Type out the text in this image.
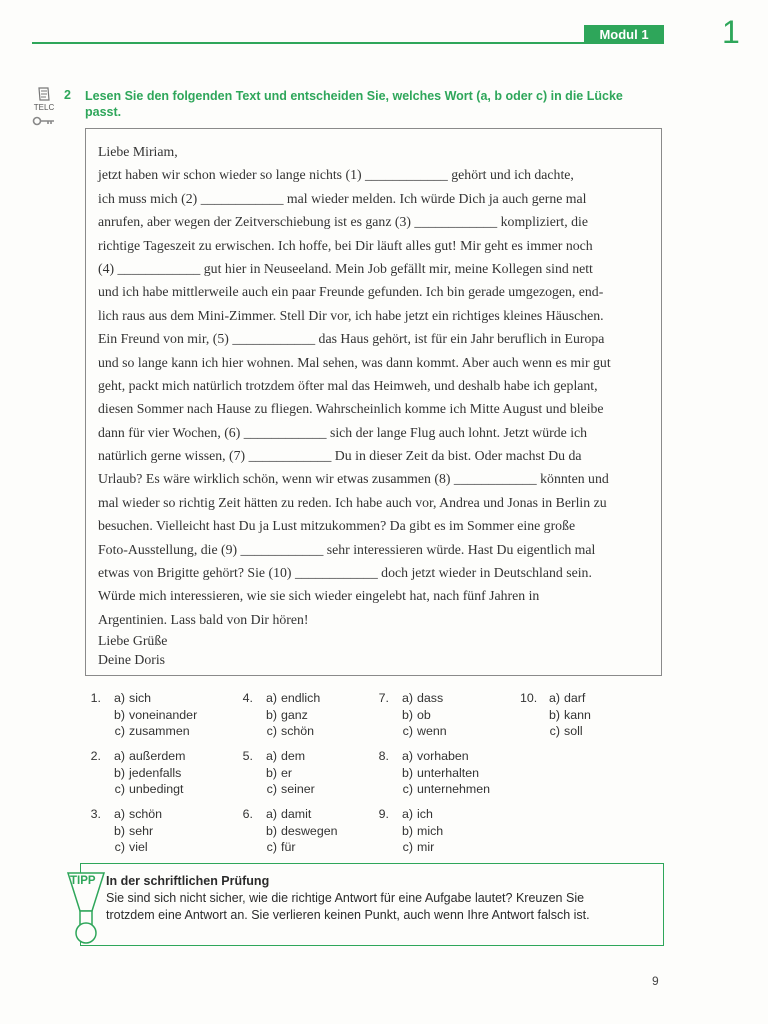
Modul 1	1
TELC
2 Lesen Sie den folgenden Text und entscheiden Sie, welches Wort (a, b oder c) in die Lücke
passt.
Liebe Miriam,
jetzt haben wir schon wieder so lange nichts (1) ____________ gehört und ich dachte,
ich muss mich (2) ____________ mal wieder melden. Ich würde Dich ja auch gerne mal
anrufen, aber wegen der Zeitverschiebung ist es ganz (3) ____________ kompliziert, die
richtige Tageszeit zu erwischen. Ich hoffe, bei Dir läuft alles gut! Mir geht es immer noch
(4) ____________ gut hier in Neuseeland. Mein Job gefällt mir, meine Kollegen sind nett
und ich habe mittlerweile auch ein paar Freunde gefunden. Ich bin gerade umgezogen, end-
lich raus aus dem Mini-Zimmer. Stell Dir vor, ich habe jetzt ein richtiges kleines Häuschen.
Ein Freund von mir, (5) ____________ das Haus gehört, ist für ein Jahr beruflich in Europa
und so lange kann ich hier wohnen. Mal sehen, was dann kommt. Aber auch wenn es mir gut
geht, packt mich natürlich trotzdem öfter mal das Heimweh, und deshalb habe ich geplant,
diesen Sommer nach Hause zu fliegen. Wahrscheinlich komme ich Mitte August und bleibe
dann für vier Wochen, (6) ____________ sich der lange Flug auch lohnt. Jetzt würde ich
natürlich gerne wissen, (7) ____________ Du in dieser Zeit da bist. Oder machst Du da
Urlaub? Es wäre wirklich schön, wenn wir etwas zusammen (8) ____________ könnten und
mal wieder so richtig Zeit hätten zu reden. Ich habe auch vor, Andrea und Jonas in Berlin zu
besuchen. Vielleicht hast Du ja Lust mitzukommen? Da gibt es im Sommer eine große
Foto-Ausstellung, die (9) ____________ sehr interessieren würde. Hast Du eigentlich mal
etwas von Brigitte gehört? Sie (10) ____________ doch jetzt wieder in Deutschland sein.
Würde mich interessieren, wie sie sich wieder eingelebt hat, nach fünf Jahren in
Argentinien. Lass bald von Dir hören!
Liebe Grüße
Deine Doris
1. a) sich
b) voneinander
c) zusammen
2. a) außerdem
b) jedenfalls
c) unbedingt
3. a) schön
b) sehr
c) viel
4. a) endlich
b) ganz
c) schön
5. a) dem
b) er
c) seiner
6. a) damit
b) deswegen
c) für
7. a) dass
b) ob
c) wenn
8. a) vorhaben
b) unterhalten
c) unternehmen
9. a) ich
b) mich
c) mir
10. a) darf
b) kann
c) soll
TIPP In der schriftlichen Prüfung
Sie sind sich nicht sicher, wie die richtige Antwort für eine Aufgabe lautet? Kreuzen Sie
trotzdem eine Antwort an. Sie verlieren keinen Punkt, auch wenn Ihre Antwort falsch ist.
9
